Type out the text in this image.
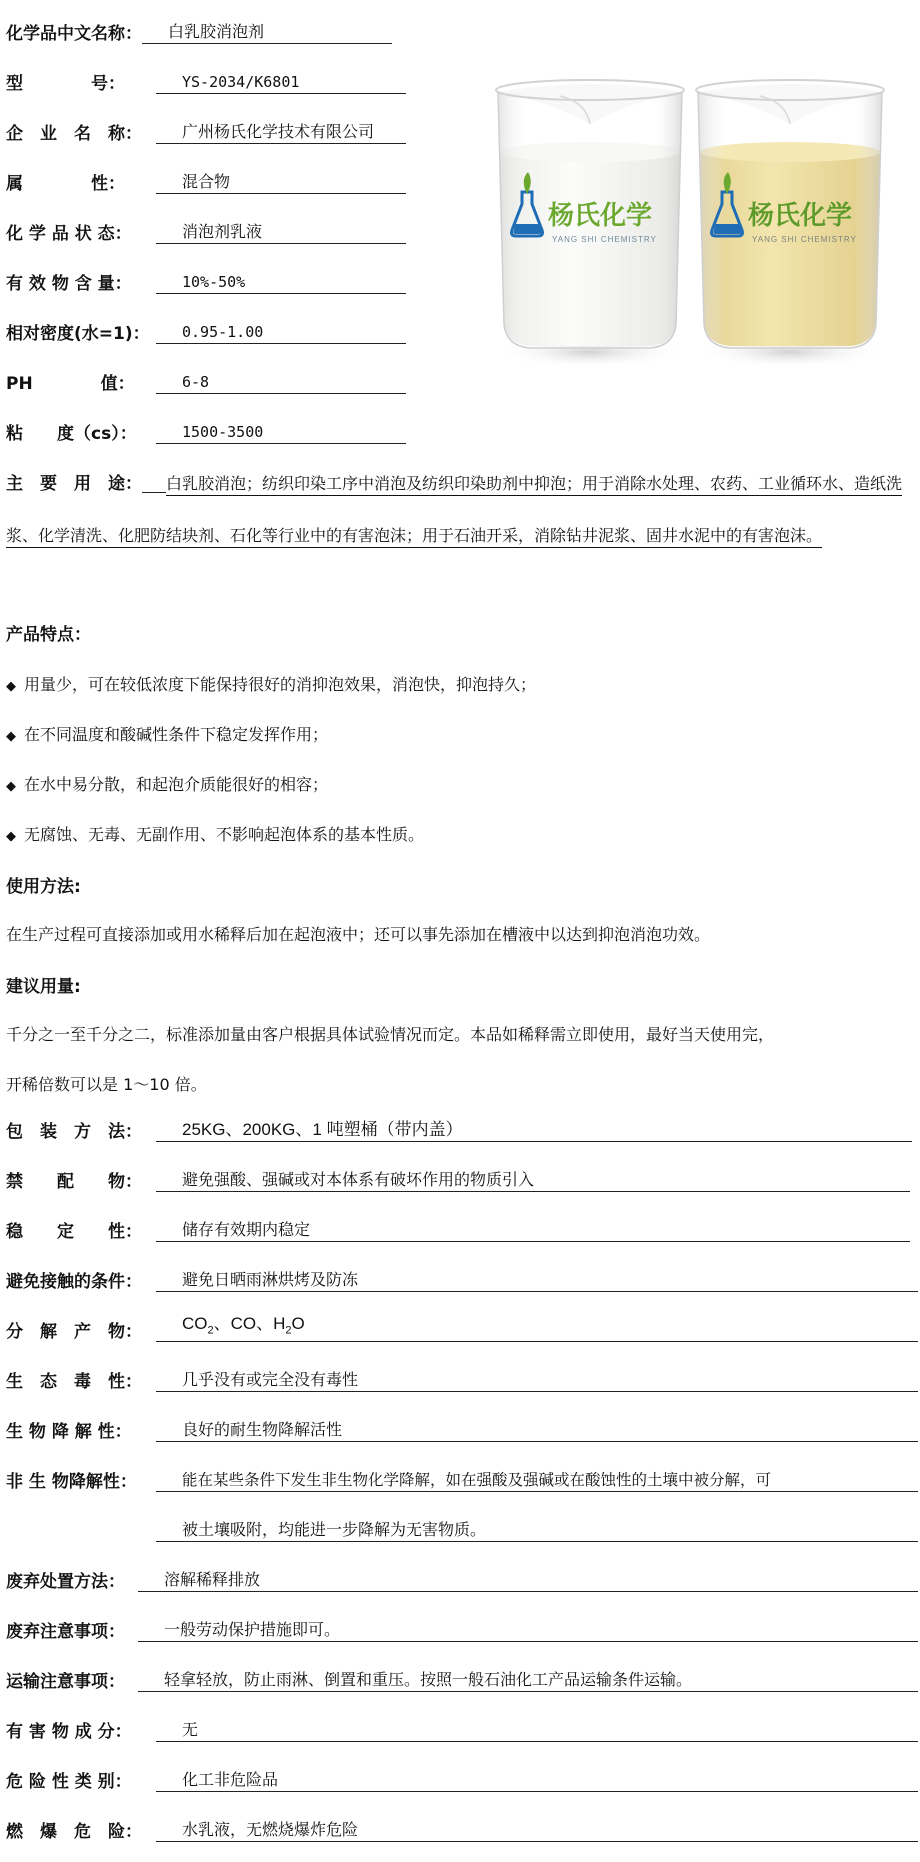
化学品中文名称：	白乳胶消泡剂
型　　　　号：	YS-2034/K6801
企　业　名　称：	广州杨氏化学技术有限公司
属　　　　性：	混合物
化 学 品 状 态：	消泡剂乳液
有 效 物 含 量：	10%-50%
相对密度(水=1)：	0.95-1.00
PH　　　　值：	6-8
粘　　度（cs）：	1500-3500
杨氏化学
YANG SHI CHEMISTRY
杨氏化学
YANG SHI CHEMISTRY
主　要　用　途： 白乳胶消泡；纺织印染工序中消泡及纺织印染助剂中抑泡；用于消除水处理、农药、工业循环水、造纸洗浆、化学清洗、化肥防结块剂、石化等行业中的有害泡沫；用于石油开采，消除钻井泥浆、固井水泥中的有害泡沫。
产品特点：
◆ 用量少，可在较低浓度下能保持很好的消抑泡效果，消泡快，抑泡持久；
◆ 在不同温度和酸碱性条件下稳定发挥作用；
◆ 在水中易分散，和起泡介质能很好的相容；
◆ 无腐蚀、无毒、无副作用、不影响起泡体系的基本性质。
使用方法:
在生产过程可直接添加或用水稀释后加在起泡液中；还可以事先添加在槽液中以达到抑泡消泡功效。
建议用量:
千分之一至千分之二，标准添加量由客户根据具体试验情况而定。本品如稀释需立即使用，最好当天使用完，
开稀倍数可以是 1～10 倍。
包　装　方　法：	25KG、200KG、1 吨塑桶（带内盖）
禁　　配　　物：	避免强酸、强碱或对本体系有破坏作用的物质引入
稳　　定　　性：	储存有效期内稳定
避免接触的条件：	避免日晒雨淋烘烤及防冻
分　解　产　物：	$CO_2$、CO、$H_2O$
生　态　毒　性：	几乎没有或完全没有毒性
生 物 降 解 性：	良好的耐生物降解活性
非 生 物降解性：	能在某些条件下发生非生物化学降解，如在强酸及强碱或在酸蚀性的土壤中被分解，可
被土壤吸附，均能进一步降解为无害物质。
废弃处置方法：	溶解稀释排放
废弃注意事项：	一般劳动保护措施即可。
运输注意事项：	轻拿轻放，防止雨淋、倒置和重压。按照一般石油化工产品运输条件运输。
有 害 物 成 分：	无
危 险 性 类 别：	化工非危险品
燃　爆　危　险：	水乳液，无燃烧爆炸危险
